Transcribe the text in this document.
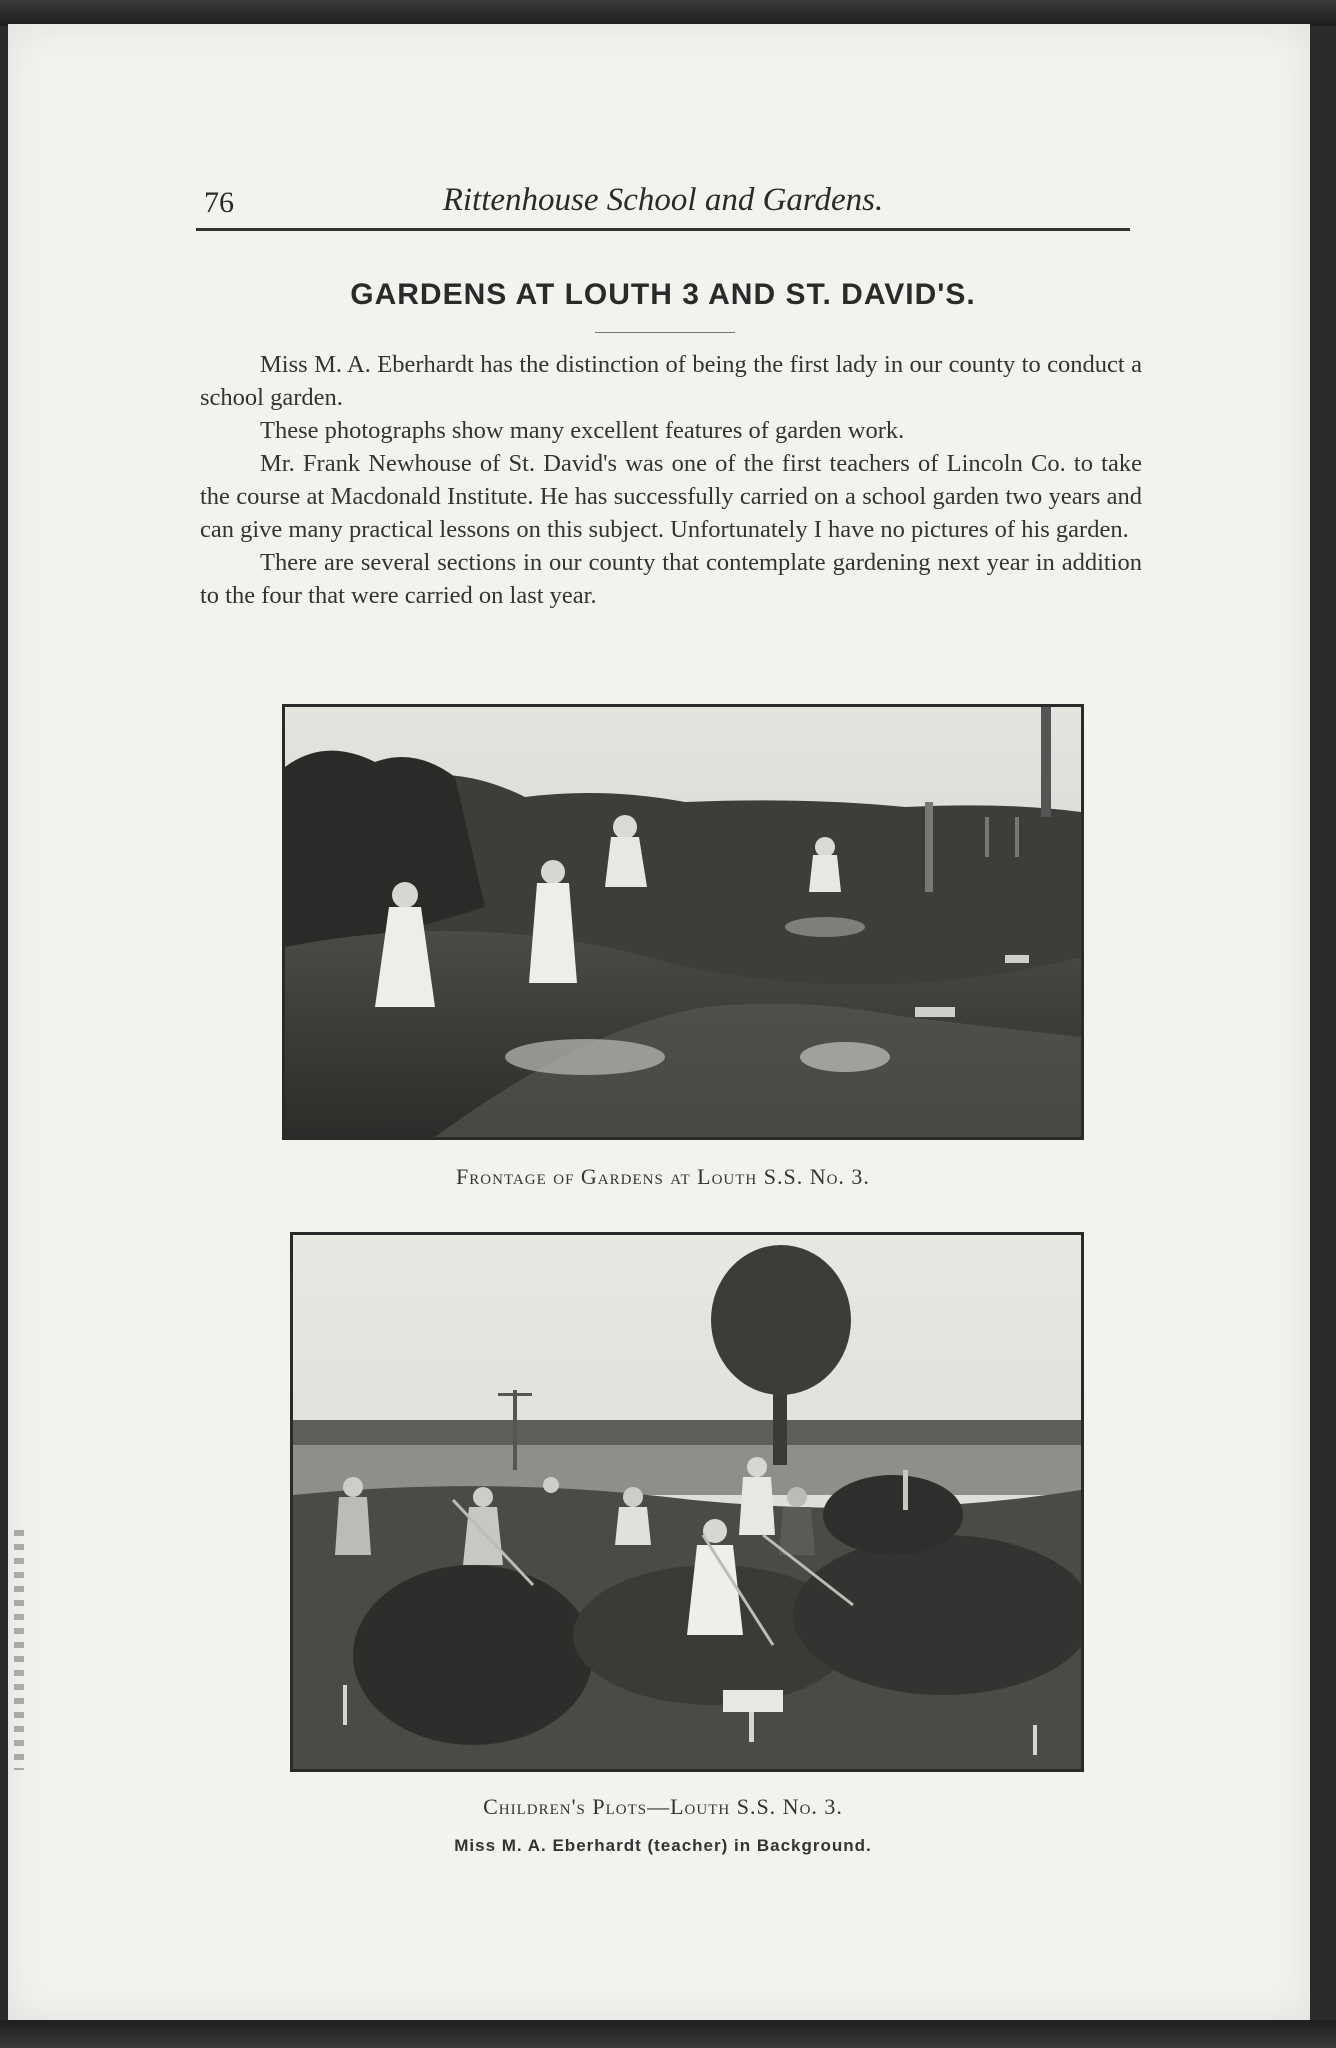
76	Rittenhouse School and Gardens.
GARDENS AT LOUTH 3 AND ST. DAVID'S.

Miss M. A. Eberhardt has the distinction of being the first lady in our county to conduct a school garden.

These photographs show many excellent features of garden work.

Mr. Frank Newhouse of St. David's was one of the first teachers of Lincoln Co. to take the course at Macdonald Institute. He has successfully carried on a school garden two years and can give many practical lessons on this subject. Unfortunately I have no pictures of his garden.

There are several sections in our county that contemplate gardening next year in addition to the four that were carried on last year.

Frontage of Gardens at Louth S.S. No. 3.
Children's Plots—Louth S.S. No. 3.
Miss M. A. Eberhardt (teacher) in Background.
